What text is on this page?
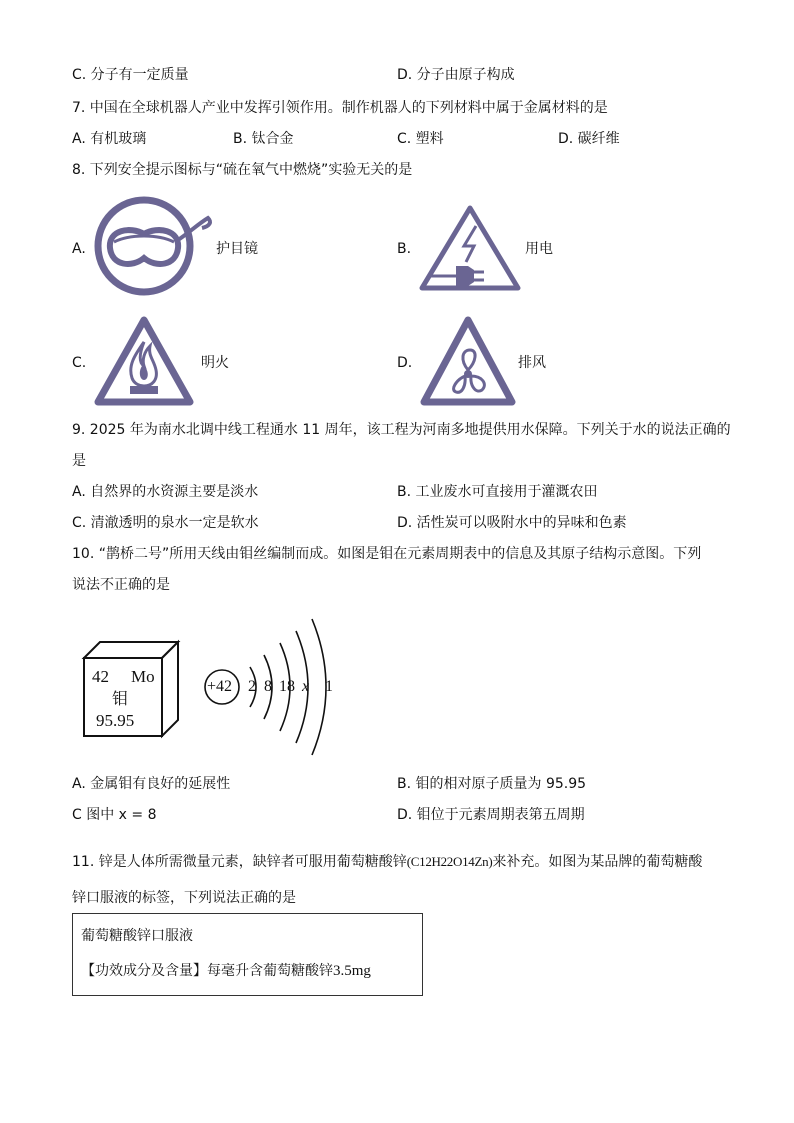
C. 分子有一定质量	D. 分子由原子构成
7. 中国在全球机器人产业中发挥引领作用。制作机器人的下列材料中属于金属材料的是
A. 有机玻璃	B. 钛合金	C. 塑料	D. 碳纤维
8. 下列安全提示图标与“硫在氧气中燃烧”实验无关的是
A.	护目镜	B.	用电
C.	明火	D.	排风
9. 2025 年为南水北调中线工程通水 11 周年，该工程为河南多地提供用水保障。下列关于水的说法正确的
是
A. 自然界的水资源主要是淡水	B. 工业废水可直接用于灌溉农田
C. 清澈透明的泉水一定是软水	D. 活性炭可以吸附水中的异味和色素
10. “鹊桥二号”所用天线由钼丝编制而成。如图是钼在元素周期表中的信息及其原子结构示意图。下列
说法不正确的是
42 Mo
钼
95.95
+42 2 8 18 x 1
A. 金属钼有良好的延展性	B. 钼的相对原子质量为 95.95
C 图中 x = 8	D. 钼位于元素周期表第五周期
11. 锌是人体所需微量元素，缺锌者可服用葡萄糖酸锌(C12H22O14Zn)来补充。如图为某品牌的葡萄糖酸
锌口服液的标签，下列说法正确的是
葡萄糖酸锌口服液
【功效成分及含量】每毫升含葡萄糖酸锌3.5mg
